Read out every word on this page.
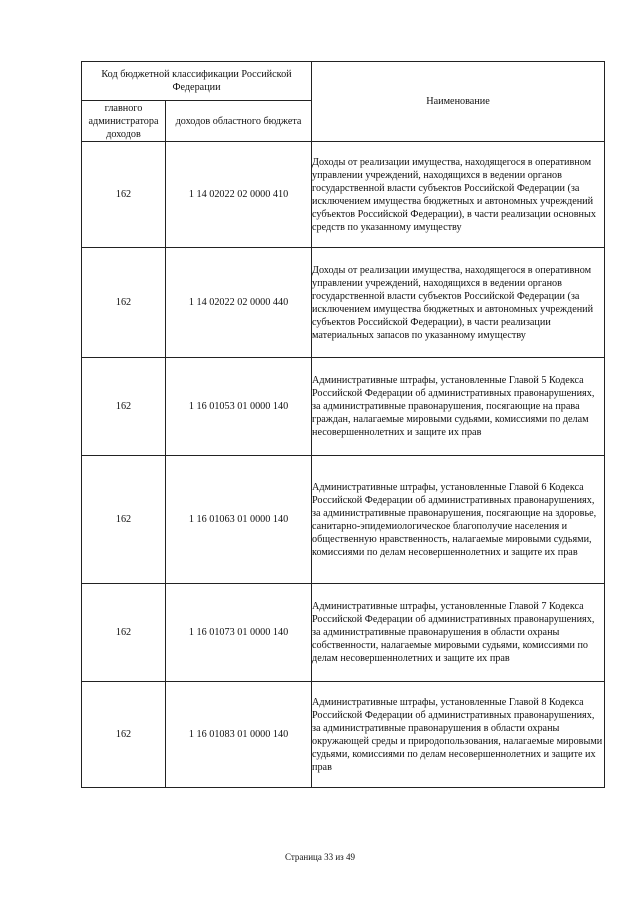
Код бюджетной классификации Российской Федерации		Наименование
главного администратора доходов	доходов областного бюджета	
162	1 14 02022 02 0000 410	Доходы от реализации имущества, находящегося в оперативном управлении учреждений, находящихся в ведении органов государственной власти субъектов Российской Федерации (за исключением имущества бюджетных и автономных учреждений субъектов Российской Федерации), в части реализации основных средств по указанному имуществу
162	1 14 02022 02 0000 440	Доходы от реализации имущества, находящегося в оперативном управлении учреждений, находящихся в ведении органов государственной власти субъектов Российской Федерации (за исключением имущества бюджетных и автономных учреждений субъектов Российской Федерации), в части реализации материальных запасов по указанному имуществу
162	1 16 01053 01 0000 140	Административные штрафы, установленные Главой 5 Кодекса Российской Федерации об административных правонарушениях, за административные правонарушения, посягающие на права граждан, налагаемые мировыми судьями, комиссиями по делам несовершеннолетних и защите их прав
162	1 16 01063 01 0000 140	Административные штрафы, установленные Главой 6 Кодекса Российской Федерации об административных правонарушениях, за административные правонарушения, посягающие на здоровье, санитарно-эпидемиологическое благополучие населения и общественную нравственность, налагаемые мировыми судьями, комиссиями по делам несовершеннолетних и защите их прав
162	1 16 01073 01 0000 140	Административные штрафы, установленные Главой 7 Кодекса Российской Федерации об административных правонарушениях, за административные правонарушения в области охраны собственности, налагаемые мировыми судьями, комиссиями по делам несовершеннолетних и защите их прав
162	1 16 01083 01 0000 140	Административные штрафы, установленные Главой 8 Кодекса Российской Федерации об административных правонарушениях, за административные правонарушения в области охраны окружающей среды и природопользования, налагаемые мировыми судьями, комиссиями по делам несовершеннолетних и защите их прав
Страница 33 из 49
